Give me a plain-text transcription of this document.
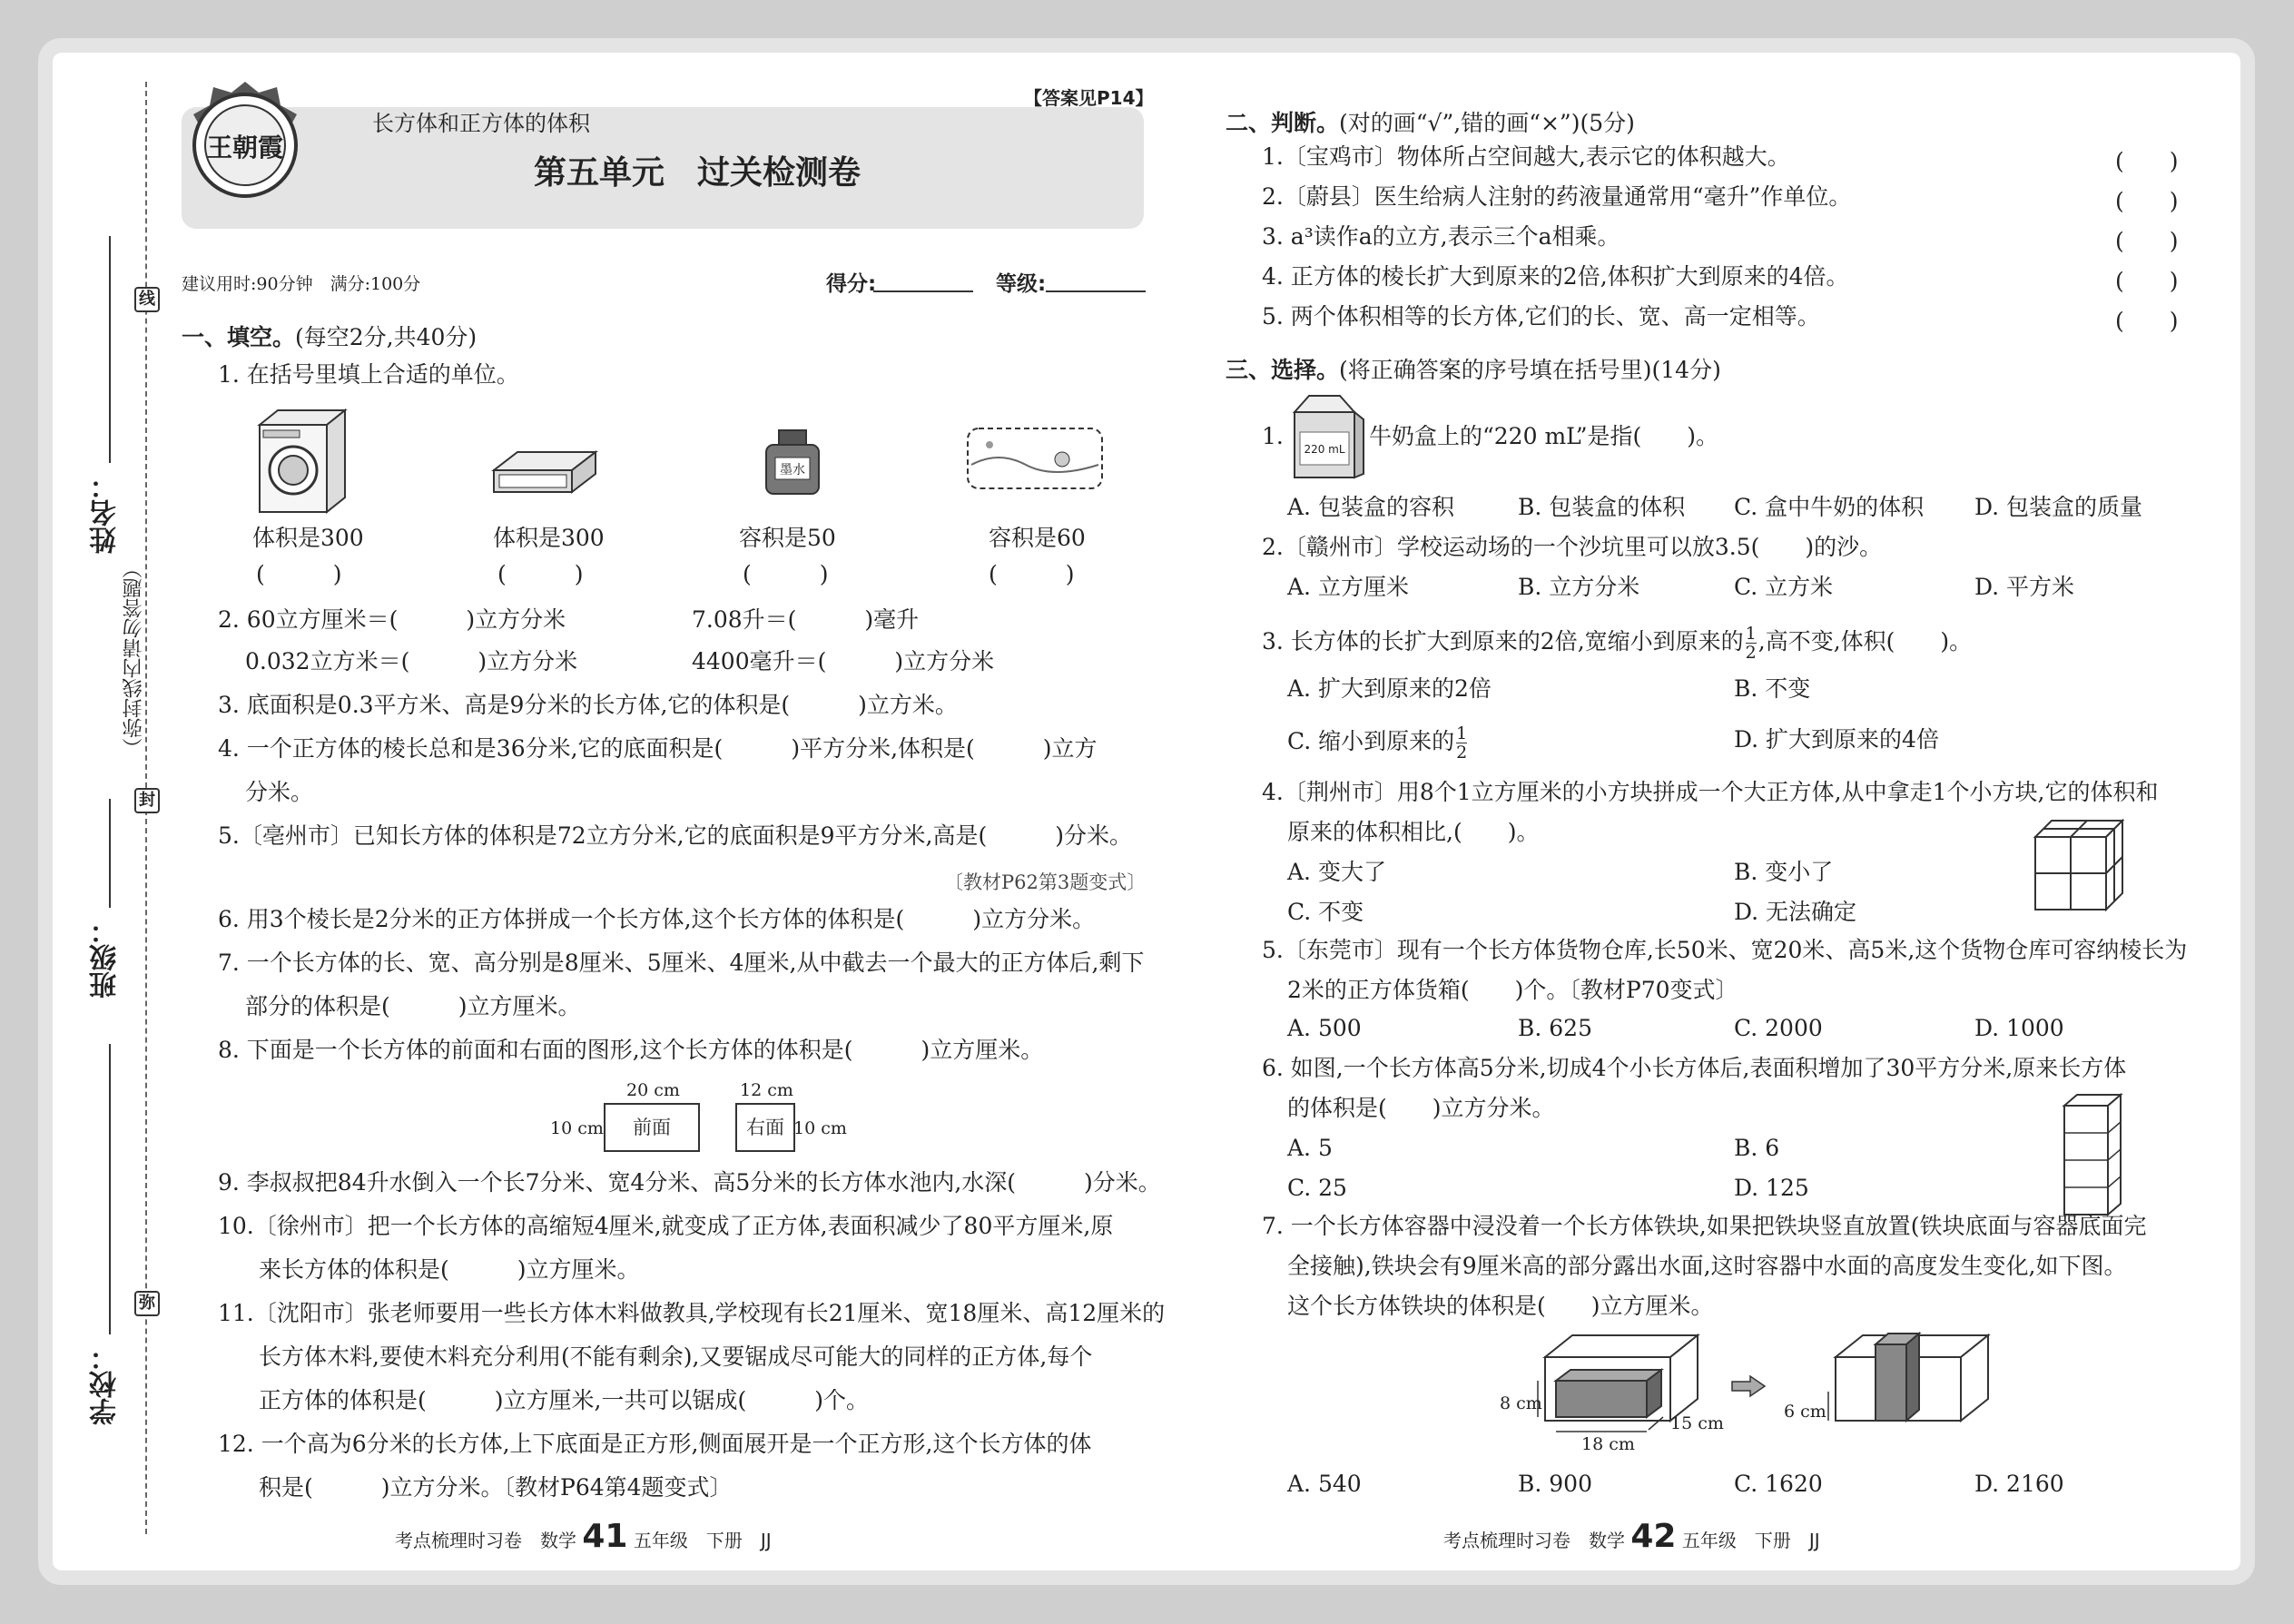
姓名：
班级：
学校：
（弥封线内请勿答题）
线
封
弥
【答案见P14】
王朝霞
长方体和正方体的体积
第五单元　过关检测卷
建议用时:90分钟　满分:100分	得分:	等级:
一、填空。(每空2分,共40分)
1. 在括号里填上合适的单位。
墨水
体积是300
(　　　)
体积是300
(　　　)
容积是50
(　　　)
容积是60
(　　　)
2. 60立方厘米＝(　　　)立方分米	7.08升＝(　　　)毫升
0.032立方米＝(　　　)立方分米	4400毫升＝(　　　)立方分米
3. 底面积是0.3平方米、高是9分米的长方体,它的体积是(　　　)立方米。
4. 一个正方体的棱长总和是36分米,它的底面积是(　　　)平方分米,体积是(　　　)立方
分米。
5.〔亳州市〕已知长方体的体积是72立方分米,它的底面积是9平方分米,高是(　　　)分米。
〔教材P62第3题变式〕
6. 用3个棱长是2分米的正方体拼成一个长方体,这个长方体的体积是(　　　)立方分米。
7. 一个长方体的长、宽、高分别是8厘米、5厘米、4厘米,从中截去一个最大的正方体后,剩下
部分的体积是(　　　)立方厘米。
8. 下面是一个长方体的前面和右面的图形,这个长方体的体积是(　　　)立方厘米。
20 cm
10 cm	前面
12 cm
右面 10 cm
9. 李叔叔把84升水倒入一个长7分米、宽4分米、高5分米的长方体水池内,水深(　　　)分米。
10.〔徐州市〕把一个长方体的高缩短4厘米,就变成了正方体,表面积减少了80平方厘米,原
来长方体的体积是(　　　)立方厘米。
11.〔沈阳市〕张老师要用一些长方体木料做教具,学校现有长21厘米、宽18厘米、高12厘米的
长方体木料,要使木料充分利用(不能有剩余),又要锯成尽可能大的同样的正方体,每个
正方体的体积是(　　　)立方厘米,一共可以锯成(　　　)个。
12. 一个高为6分米的长方体,上下底面是正方形,侧面展开是一个正方形,这个长方体的体
积是(　　　)立方分米。〔教材P64第4题变式〕
考点梳理时习卷　数学 41 五年级　下册　JJ
二、判断。(对的画“√”,错的画“×”)(5分)
1.〔宝鸡市〕物体所占空间越大,表示它的体积越大。
2.〔蔚县〕医生给病人注射的药液量通常用“毫升”作单位。
3. a³读作a的立方,表示三个a相乘。
4. 正方体的棱长扩大到原来的2倍,体积扩大到原来的4倍。
5. 两个体积相等的长方体,它们的长、宽、高一定相等。
(　　)
(　　)
(　　)
(　　)
(　　)
三、选择。(将正确答案的序号填在括号里)(14分)
1. 220 mL 牛奶盒上的“220 mL”是指(　　)。
A. 包装盒的容积	B. 包装盒的体积 C. 盒中牛奶的体积 D. 包装盒的质量
2.〔赣州市〕学校运动场的一个沙坑里可以放3.5(　　)的沙。
A. 立方厘米	B. 立方分米	C. 立方米	D. 平方米
3. 长方体的长扩大到原来的2倍,宽缩小到原来的 $\frac{1}{2}$ ,高不变,体积(　　)。
A. 扩大到原来的2倍	B. 不变
C. 缩小到原来的 $\frac{1}{2}$	D. 扩大到原来的4倍
4.〔荆州市〕用8个1立方厘米的小方块拼成一个大正方体,从中拿走1个小方块,它的体积和
原来的体积相比,(　　)。
A. 变大了	B. 变小了
C. 不变	D. 无法确定
5.〔东莞市〕现有一个长方体货物仓库,长50米、宽20米、高5米,这个货物仓库可容纳棱长为
2米的正方体货箱(　　)个。〔教材P70变式〕
A. 500	B. 625	C. 2000	D. 1000
6. 如图,一个长方体高5分米,切成4个小长方体后,表面积增加了30平方分米,原来长方体
的体积是(　　)立方分米。
A. 5	B. 6
C. 25	D. 125
7. 一个长方体容器中浸没着一个长方体铁块,如果把铁块竖直放置(铁块底面与容器底面完
全接触),铁块会有9厘米高的部分露出水面,这时容器中水面的高度发生变化,如下图。
这个长方体铁块的体积是(　　)立方厘米。
8 cm
15 cm
18 cm
6 cm
A. 540	B. 900	C. 1620	D. 2160
考点梳理时习卷　数学 42 五年级　下册　JJ
